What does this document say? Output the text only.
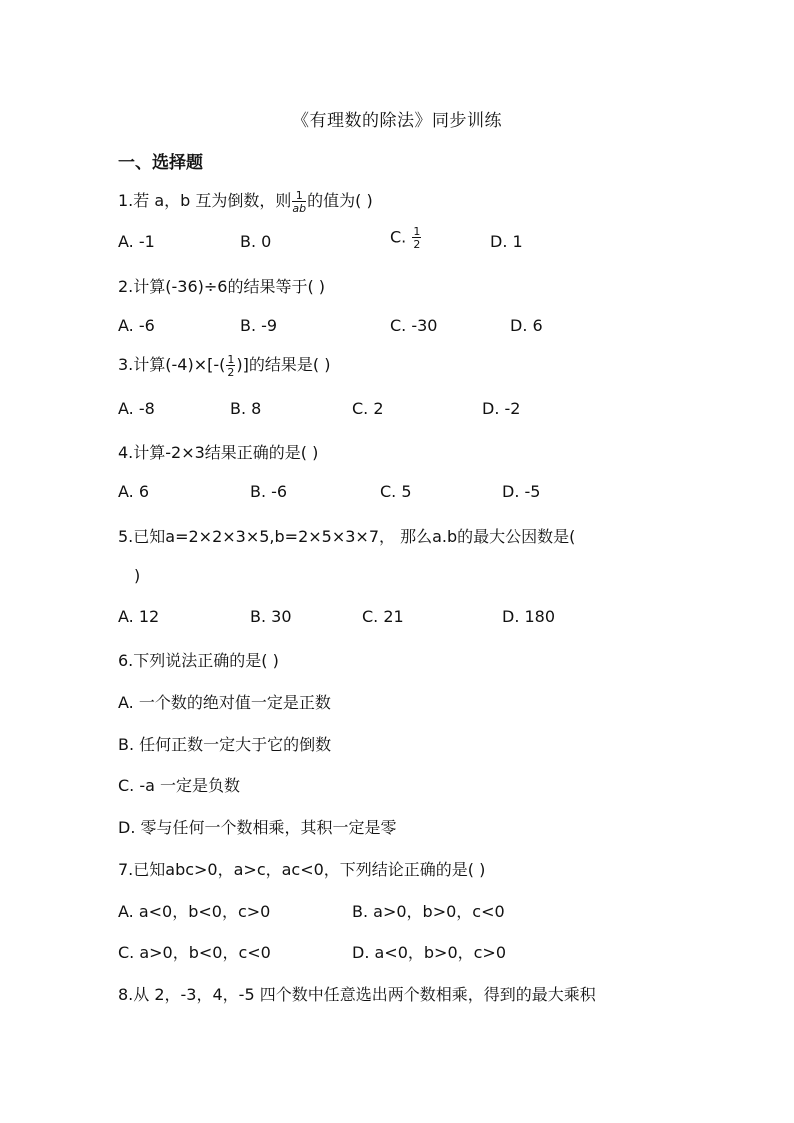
《有理数的除法》同步训练
一、选择题
1.若 a，b 互为倒数，则 $\frac{1}{ab}$ 的值为( )
A. -1	B. 0	C. $\frac{1}{2}$	D. 1
2.计算(-36)÷6的结果等于( )
A. -6	B. -9	C. -30	D. 6
3.计算$(-4)\times[-( \frac{1}{2}$ )]的结果是( )
A. -8	B. 8	C. 2	D. -2
4.计算-2×3结果正确的是( )
A. 6	B. -6	C. 5	D. -5
5.已知a=2×2×3×5,b=2×5×3×7， 那么a.b的最大公因数是(
)
A. 12	B. 30	C. 21	D. 180
6.下列说法正确的是( )
A. 一个数的绝对值一定是正数
B. 任何正数一定大于它的倒数
C. -a 一定是负数
D. 零与任何一个数相乘，其积一定是零
7.已知abc>0，a>c，ac<0，下列结论正确的是( )
A. a<0，b<0，c>0	B. a>0，b>0，c<0
C. a>0，b<0，c<0	D. a<0，b>0，c>0
8.从 2，-3，4，-5 四个数中任意选出两个数相乘，得到的最大乘积
